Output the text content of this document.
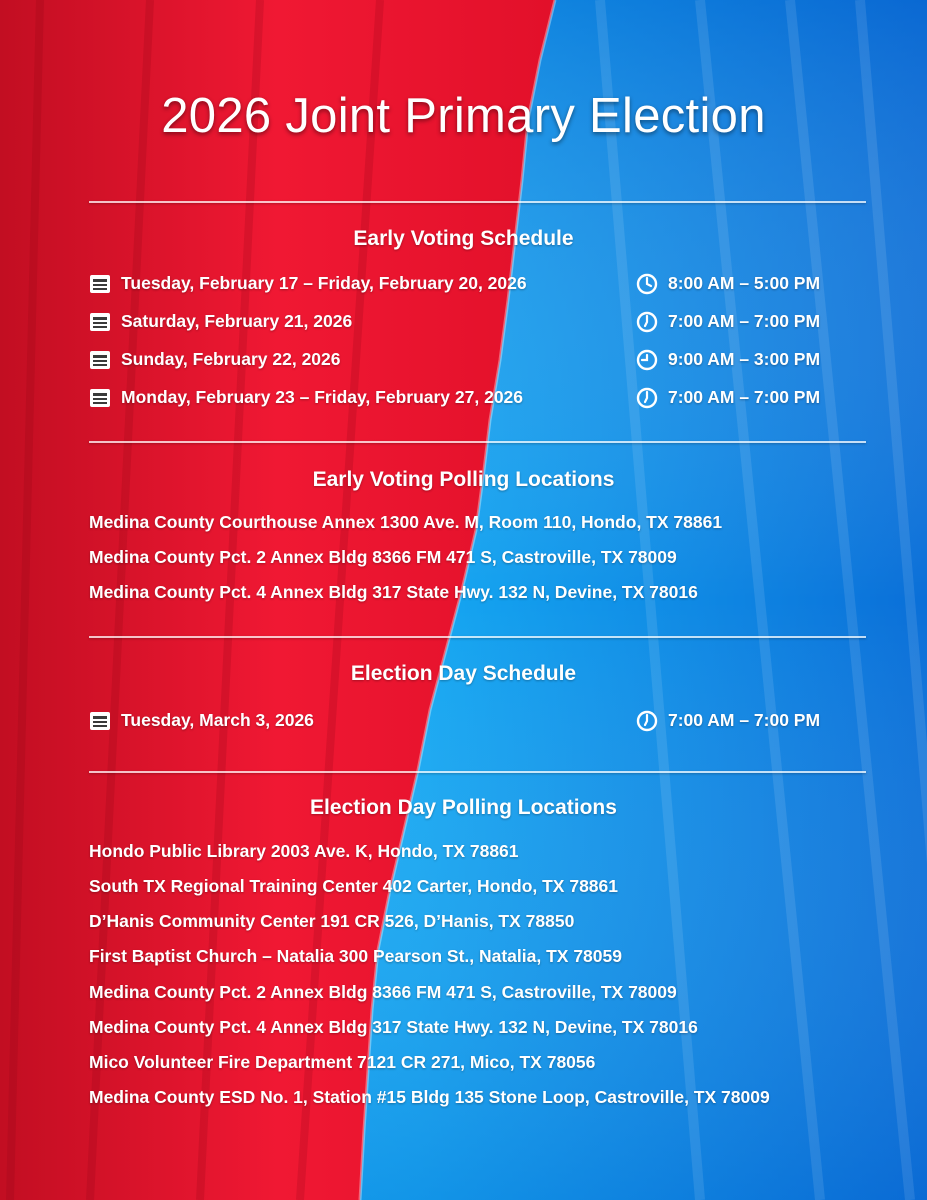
2026 Joint Primary Election
Early Voting Schedule
Tuesday, February 17 – Friday, February 20, 2026	8:00 AM – 5:00 PM
Saturday, February 21, 2026	7:00 AM – 7:00 PM
Sunday, February 22, 2026	9:00 AM – 3:00 PM
Monday, February 23 – Friday, February 27, 2026	7:00 AM – 7:00 PM
Early Voting Polling Locations
Medina County Courthouse Annex 1300 Ave. M, Room 110, Hondo, TX 78861
Medina County Pct. 2 Annex Bldg 8366 FM 471 S, Castroville, TX 78009
Medina County Pct. 4 Annex Bldg 317 State Hwy. 132 N, Devine, TX 78016
Election Day Schedule
Tuesday, March 3, 2026	7:00 AM – 7:00 PM
Election Day Polling Locations
Hondo Public Library 2003 Ave. K, Hondo, TX 78861
South TX Regional Training Center 402 Carter, Hondo, TX 78861
D’Hanis Community Center 191 CR 526, D’Hanis, TX 78850
First Baptist Church – Natalia 300 Pearson St., Natalia, TX 78059
Medina County Pct. 2 Annex Bldg 8366 FM 471 S, Castroville, TX 78009
Medina County Pct. 4 Annex Bldg 317 State Hwy. 132 N, Devine, TX 78016
Mico Volunteer Fire Department 7121 CR 271, Mico, TX 78056
Medina County ESD No. 1, Station #15 Bldg 135 Stone Loop, Castroville, TX 78009
